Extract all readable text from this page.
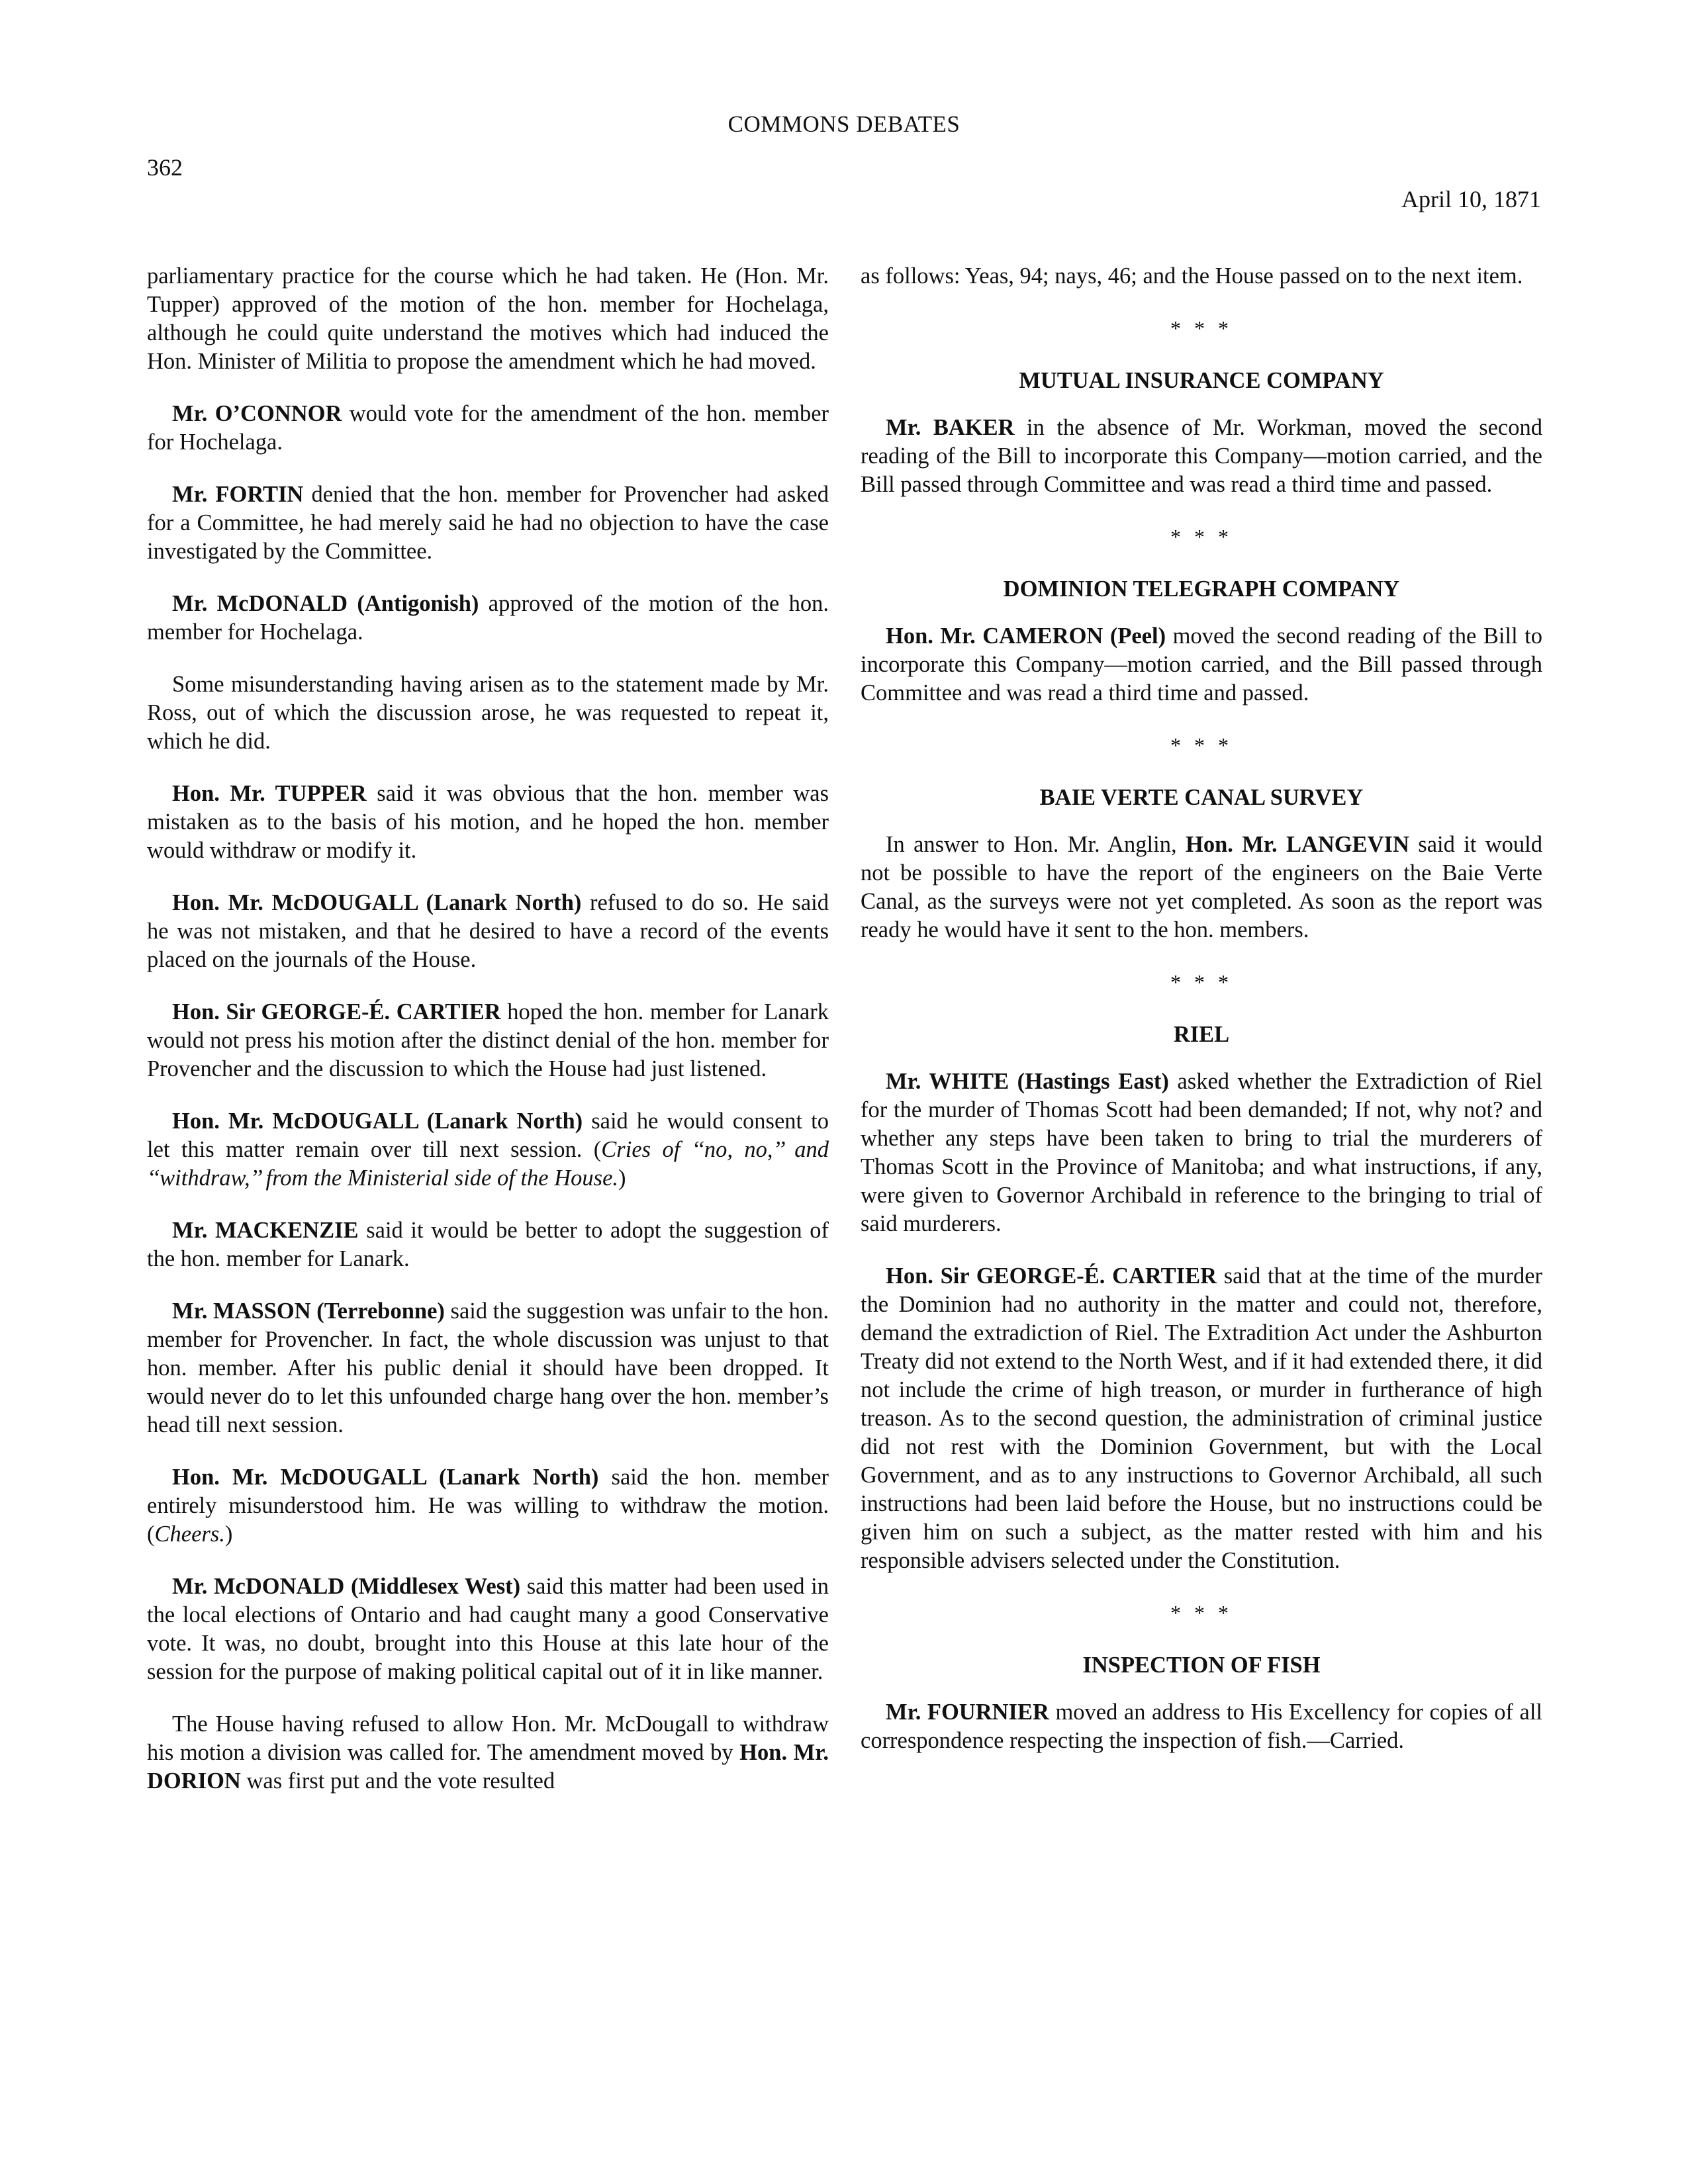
COMMONS DEBATES
362
April 10, 1871

parliamentary practice for the course which he had taken. He (Hon. Mr. Tupper) approved of the motion of the hon. member for Hochelaga, although he could quite understand the motives which had induced the Hon. Minister of Militia to propose the amendment which he had moved.

Mr. O’CONNOR would vote for the amendment of the hon. member for Hochelaga.

Mr. FORTIN denied that the hon. member for Provencher had asked for a Committee, he had merely said he had no objection to have the case investigated by the Committee.

Mr. McDONALD (Antigonish) approved of the motion of the hon. member for Hochelaga.

Some misunderstanding having arisen as to the statement made by Mr. Ross, out of which the discussion arose, he was requested to repeat it, which he did.

Hon. Mr. TUPPER said it was obvious that the hon. member was mistaken as to the basis of his motion, and he hoped the hon. member would withdraw or modify it.

Hon. Mr. McDOUGALL (Lanark North) refused to do so. He said he was not mistaken, and that he desired to have a record of the events placed on the journals of the House.

Hon. Sir GEORGE-É. CARTIER hoped the hon. member for Lanark would not press his motion after the distinct denial of the hon. member for Provencher and the discussion to which the House had just listened.

Hon. Mr. McDOUGALL (Lanark North) said he would consent to let this matter remain over till next session. (Cries of ‘‘no, no,’’ and ‘‘withdraw,’’ from the Ministerial side of the House.)

Mr. MACKENZIE said it would be better to adopt the suggestion of the hon. member for Lanark.

Mr. MASSON (Terrebonne) said the suggestion was unfair to the hon. member for Provencher. In fact, the whole discussion was unjust to that hon. member. After his public denial it should have been dropped. It would never do to let this unfounded charge hang over the hon. member’s head till next session.

Hon. Mr. McDOUGALL (Lanark North) said the hon. member entirely misunderstood him. He was willing to withdraw the motion. (Cheers.)

Mr. McDONALD (Middlesex West) said this matter had been used in the local elections of Ontario and had caught many a good Conservative vote. It was, no doubt, brought into this House at this late hour of the session for the purpose of making political capital out of it in like manner.

The House having refused to allow Hon. Mr. McDougall to withdraw his motion a division was called for. The amendment moved by Hon. Mr. DORION was first put and the vote resulted

as follows: Yeas, 94; nays, 46; and the House passed on to the next item.

* * *
MUTUAL INSURANCE COMPANY

Mr. BAKER in the absence of Mr. Workman, moved the second reading of the Bill to incorporate this Company—motion carried, and the Bill passed through Committee and was read a third time and passed.

* * *
DOMINION TELEGRAPH COMPANY

Hon. Mr. CAMERON (Peel) moved the second reading of the Bill to incorporate this Company—motion carried, and the Bill passed through Committee and was read a third time and passed.

* * *
BAIE VERTE CANAL SURVEY

In answer to Hon. Mr. Anglin, Hon. Mr. LANGEVIN said it would not be possible to have the report of the engineers on the Baie Verte Canal, as the surveys were not yet completed. As soon as the report was ready he would have it sent to the hon. members.

* * *
RIEL

Mr. WHITE (Hastings East) asked whether the Extradiction of Riel for the murder of Thomas Scott had been demanded; If not, why not? and whether any steps have been taken to bring to trial the murderers of Thomas Scott in the Province of Manitoba; and what instructions, if any, were given to Governor Archibald in reference to the bringing to trial of said murderers.

Hon. Sir GEORGE-É. CARTIER said that at the time of the murder the Dominion had no authority in the matter and could not, therefore, demand the extradiction of Riel. The Extradition Act under the Ashburton Treaty did not extend to the North West, and if it had extended there, it did not include the crime of high treason, or murder in furtherance of high treason. As to the second question, the administration of criminal justice did not rest with the Dominion Government, but with the Local Government, and as to any instructions to Governor Archibald, all such instructions had been laid before the House, but no instructions could be given him on such a subject, as the matter rested with him and his responsible advisers selected under the Constitution.

* * *
INSPECTION OF FISH

Mr. FOURNIER moved an address to His Excellency for copies of all correspondence respecting the inspection of fish.—Carried.
